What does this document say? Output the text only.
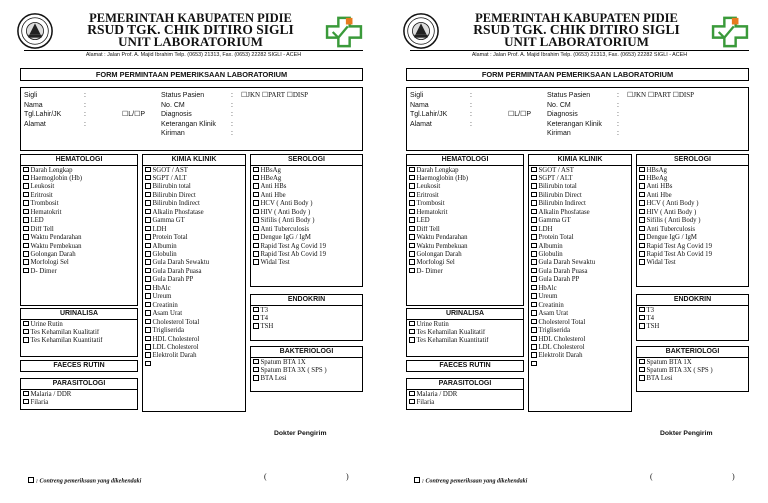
PEMERINTAH KABUPATEN PIDIE
RSUD TGK. CHIK DITIRO SIGLI
UNIT LABORATORIUM
Alamat : Jalan Prof. A. Majid Ibrahim Telp. (0653) 21313, Fax. (0653) 22282 SIGLI - ACEH
FORM PERMINTAAN PEMERIKSAAN LABORATORIUM
Sigli	:
Nama	:
Tgl.Lahir/JK	:	☐L/☐P
Alamat	:
Status Pasien	: ☐JKN ☐PART ☐DISP
No. CM	:
Diagnosis	:
Keterangan Klinik :
Kiriman	:
HEMATOLOGI
Darah Lengkap
Haemoglobin (Hb)
Leukosit
Eritrosit
Trombosit
Hematokrit
LED
Diff Tell
Waktu Pendarahan
Waktu Pembekuan
Golongan Darah
Morfologi Sel
D- Dimer
URINALISA
Urine Rutin
Tes Kehamilan Kualitatif
Tes Kehamilan Kuantitatif
FAECES RUTIN
PARASITOLOGI
Malaria / DDR
Filaria
KIMIA KLINIK
SGOT / AST
SGPT / ALT
Bilirubin total
Bilirubin Direct
Bilirubin Indirect
Alkalin Phosfatase
Gamma GT
LDH
Protein Total
Albumin
Globulin
Gula Darah Sewaktu
Gula Darah Puasa
Gula Darah PP
HbAlc
Ureum
Creatinin
Asam Urat
Cholesterol Total
Trigliserida
HDL Cholesterol
LDL Cholesterol
Elektrolit Darah
SEROLOGI
HBsAg
HBeAg
Anti HBs
Anti Hbe
HCV ( Anti Body )
HIV ( Anti Body )
Sifilis ( Anti Body )
Anti Tuberculosis
Dengue IgG / IgM
Rapid Test Ag Covid 19
Rapid Test Ab Covid 19
Widal Test
ENDOKRIN
T3
T4
TSH
BAKTERIOLOGI
Spatum BTA 1X
Spatum BTA 3X ( SPS )
BTA Lesi
Dokter Pengirim
(	)
: Contreng pemeriksaan yang dikehendaki
PEMERINTAH KABUPATEN PIDIE
RSUD TGK. CHIK DITIRO SIGLI
UNIT LABORATORIUM
Alamat : Jalan Prof. A. Majid Ibrahim Telp. (0653) 21313, Fax. (0653) 22282 SIGLI - ACEH
FORM PERMINTAAN PEMERIKSAAN LABORATORIUM
Sigli	:
Nama	:
Tgl.Lahir/JK	:	☐L/☐P
Alamat	:
Status Pasien	: ☐JKN ☐PART ☐DISP
No. CM	:
Diagnosis	:
Keterangan Klinik :
Kiriman	:
HEMATOLOGI
Darah Lengkap
Haemoglobin (Hb)
Leukosit
Eritrosit
Trombosit
Hematokrit
LED
Diff Tell
Waktu Pendarahan
Waktu Pembekuan
Golongan Darah
Morfologi Sel
D- Dimer
URINALISA
Urine Rutin
Tes Kehamilan Kualitatif
Tes Kehamilan Kuantitatif
FAECES RUTIN
PARASITOLOGI
Malaria / DDR
Filaria
KIMIA KLINIK
SGOT / AST
SGPT / ALT
Bilirubin total
Bilirubin Direct
Bilirubin Indirect
Alkalin Phosfatase
Gamma GT
LDH
Protein Total
Albumin
Globulin
Gula Darah Sewaktu
Gula Darah Puasa
Gula Darah PP
HbAlc
Ureum
Creatinin
Asam Urat
Cholesterol Total
Trigliserida
HDL Cholesterol
LDL Cholesterol
Elektrolit Darah
SEROLOGI
HBsAg
HBeAg
Anti HBs
Anti Hbe
HCV ( Anti Body )
HIV ( Anti Body )
Sifilis ( Anti Body )
Anti Tuberculosis
Dengue IgG / IgM
Rapid Test Ag Covid 19
Rapid Test Ab Covid 19
Widal Test
ENDOKRIN
T3
T4
TSH
BAKTERIOLOGI
Spatum BTA 1X
Spatum BTA 3X ( SPS )
BTA Lesi
Dokter Pengirim
(	)
: Contreng pemeriksaan yang dikehendaki
